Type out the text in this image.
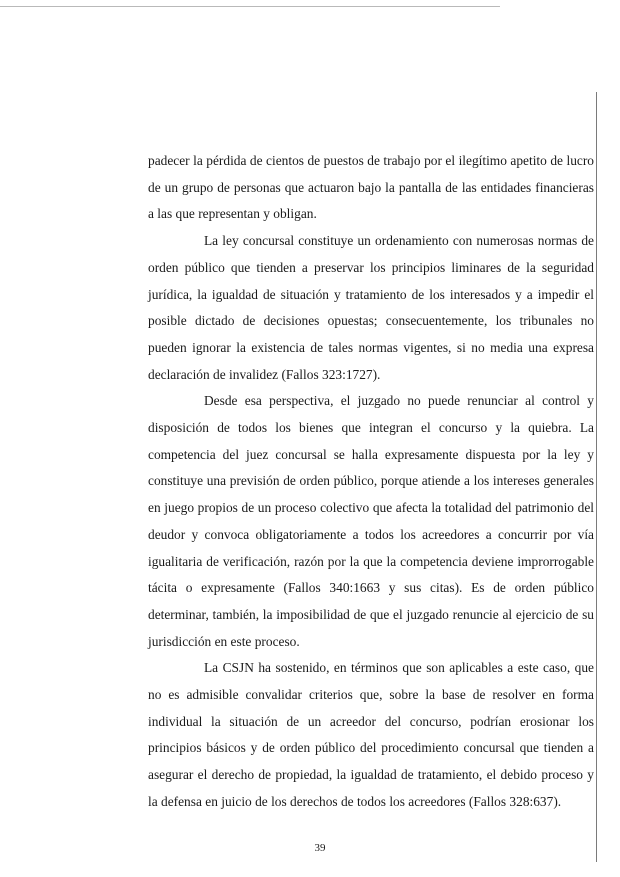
padecer la pérdida de cientos de puestos de trabajo por el ilegítimo apetito de lucro de un grupo de personas que actuaron bajo la pantalla de las entidades financieras a las que representan y obligan.

La ley concursal constituye un ordenamiento con numerosas normas de orden público que tienden a preservar los principios liminares de la seguridad jurídica, la igualdad de situación y tratamiento de los interesados y a impedir el posible dictado de decisiones opuestas; consecuentemente, los tribunales no pueden ignorar la existencia de tales normas vigentes, si no media una expresa declaración de invalidez (Fallos 323:1727).

Desde esa perspectiva, el juzgado no puede renunciar al control y disposición de todos los bienes que integran el concurso y la quiebra. La competencia del juez concursal se halla expresamente dispuesta por la ley y constituye una previsión de orden público, porque atiende a los intereses generales en juego propios de un proceso colectivo que afecta la totalidad del patrimonio del deudor y convoca obligatoriamente a todos los acreedores a concurrir por vía igualitaria de verificación, razón por la que la competencia deviene improrrogable tácita o expresamente (Fallos 340:1663 y sus citas). Es de orden público determinar, también, la imposibilidad de que el juzgado renuncie al ejercicio de su jurisdicción en este proceso.

La CSJN ha sostenido, en términos que son aplicables a este caso, que no es admisible convalidar criterios que, sobre la base de resolver en forma individual la situación de un acreedor del concurso, podrían erosionar los principios básicos y de orden público del procedimiento concursal que tienden a asegurar el derecho de propiedad, la igualdad de tratamiento, el debido proceso y la defensa en juicio de los derechos de todos los acreedores (Fallos 328:637).

39
